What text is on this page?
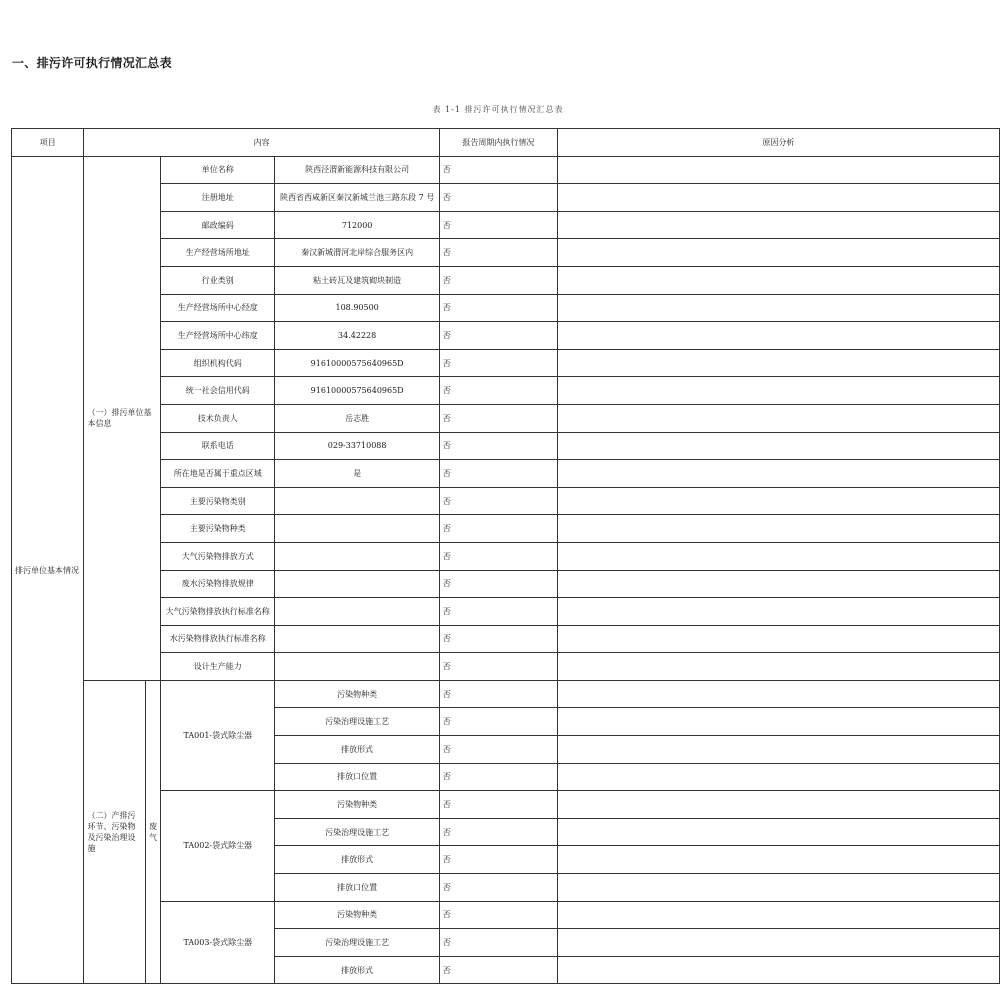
一、排污许可执行情况汇总表
表 1-1 排污许可执行情况汇总表
项目	内容				报告周期内执行情况	原因分析
排污单位基本情况	（一）排污单位基本信息		单位名称	陕西泾渭新能源科技有限公司	否	
			注册地址	陕西省西咸新区秦汉新城兰池三路东段 7 号	否	
			邮政编码	712000	否	
			生产经营场所地址	秦汉新城渭河北岸综合服务区内	否	
			行业类别	粘土砖瓦及建筑砌块制造	否	
			生产经营场所中心经度	108.90500	否	
			生产经营场所中心纬度	34.42228	否	
			组织机构代码	91610000575640965D	否	
			统一社会信用代码	91610000575640965D	否	
			技术负责人	岳志胜	否	
			联系电话	029-33710088	否	
			所在地是否属于重点区域	是	否	
			主要污染物类别		否	
			主要污染物种类		否	
			大气污染物排放方式		否	
			废水污染物排放规律		否	
			大气污染物排放执行标准名称		否	
			水污染物排放执行标准名称		否	
			设计生产能力		否	
	（二）产排污环节、污染物及污染治理设施	废气	TA001-袋式除尘器	污染物种类	否	
				污染治理设施工艺	否	
				排放形式	否	
				排放口位置	否	
			TA002-袋式除尘器	污染物种类	否	
				污染治理设施工艺	否	
				排放形式	否	
				排放口位置	否	
			TA003-袋式除尘器	污染物种类	否	
				污染治理设施工艺	否	
				排放形式	否	
